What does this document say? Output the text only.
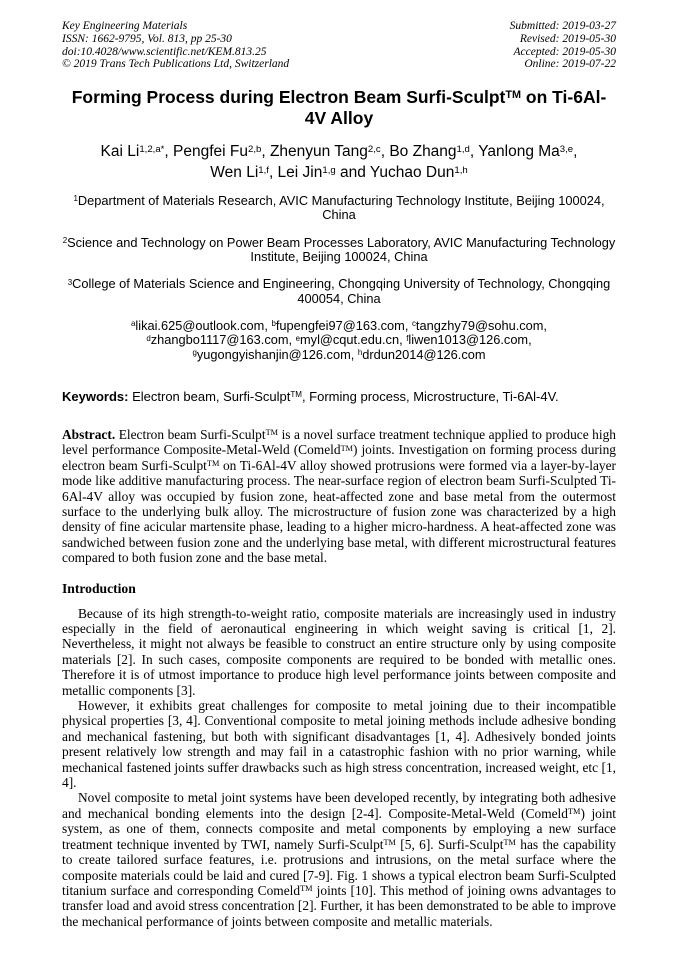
Key Engineering Materials
ISSN: 1662-9795, Vol. 813, pp 25-30
doi:10.4028/www.scientific.net/KEM.813.25
© 2019 Trans Tech Publications Ltd, Switzerland
Submitted: 2019-03-27
Revised: 2019-05-30
Accepted: 2019-05-30
Online: 2019-07-22
Forming Process during Electron Beam Surfi-Sculpt™ on Ti-6Al-4V Alloy
Kai $Li^{1,2,a*}$, Pengfei Fu$^{2,b}$, Zhenyun Tang$^{2,c}$, Bo Zhang$^{1,d}$, Yanlong Ma$^{3,e}$,
Wen Li$^{1,f}$, Lei Jin$^{1,g}$ and Yuchao Dun$^{1,h}$

$^1$Department of Materials Research, AVIC Manufacturing Technology Institute, Beijing 100024, China

$^2$Science and Technology on Power Beam Processes Laboratory, AVIC Manufacturing Technology Institute, Beijing 100024, China

$^3$College of Materials Science and Engineering, Chongqing University of Technology, Chongqing 400054, China

$^a$likai.625@outlook.com, $^b$fupengfei97@163.com, $^c$tangzhy79@sohu.com,
$^d$zhangbo1117@163.com, $^e$myl@cqut.edu.cn, $^f$liwen1013@126.com,
$^g$yugongyishanjin@126.com, $^h$drdun2014@126.com

Keywords: Electron beam, Surfi-Sculpt™, Forming process, Microstructure, Ti-6Al-4V.

Abstract. Electron beam Surfi-Sculpt™ is a novel surface treatment technique applied to produce high level performance Composite-Metal-Weld (Comeld™) joints. Investigation on forming process during electron beam Surfi-Sculpt™ on Ti-6Al-4V alloy showed protrusions were formed via a layer-by-layer mode like additive manufacturing process. The near-surface region of electron beam Surfi-Sculpted Ti-6Al-4V alloy was occupied by fusion zone, heat-affected zone and base metal from the outermost surface to the underlying bulk alloy. The microstructure of fusion zone was characterized by a high density of fine acicular martensite phase, leading to a higher micro-hardness. A heat-affected zone was sandwiched between fusion zone and the underlying base metal, with different microstructural features compared to both fusion zone and the base metal.

Introduction

Because of its high strength-to-weight ratio, composite materials are increasingly used in industry especially in the field of aeronautical engineering in which weight saving is critical [1, 2]. Nevertheless, it might not always be feasible to construct an entire structure only by using composite materials [2]. In such cases, composite components are required to be bonded with metallic ones. Therefore it is of utmost importance to produce high level performance joints between composite and metallic components [3].

However, it exhibits great challenges for composite to metal joining due to their incompatible physical properties [3, 4]. Conventional composite to metal joining methods include adhesive bonding and mechanical fastening, but both with significant disadvantages [1, 4]. Adhesively bonded joints present relatively low strength and may fail in a catastrophic fashion with no prior warning, while mechanical fastened joints suffer drawbacks such as high stress concentration, increased weight, etc [1, 4].

Novel composite to metal joint systems have been developed recently, by integrating both adhesive and mechanical bonding elements into the design [2-4]. Composite-Metal-Weld (Comeld™) joint system, as one of them, connects composite and metal components by employing a new surface treatment technique invented by TWI, namely Surfi-Sculpt™ [5, 6]. Surfi-Sculpt™ has the capability to create tailored surface features, i.e. protrusions and intrusions, on the metal surface where the composite materials could be laid and cured [7-9]. Fig. 1 shows a typical electron beam Surfi-Sculpted titanium surface and corresponding Comeld™ joints [10]. This method of joining owns advantages to transfer load and avoid stress concentration [2]. Further, it has been demonstrated to be able to improve the mechanical performance of joints between composite and metallic materials.
